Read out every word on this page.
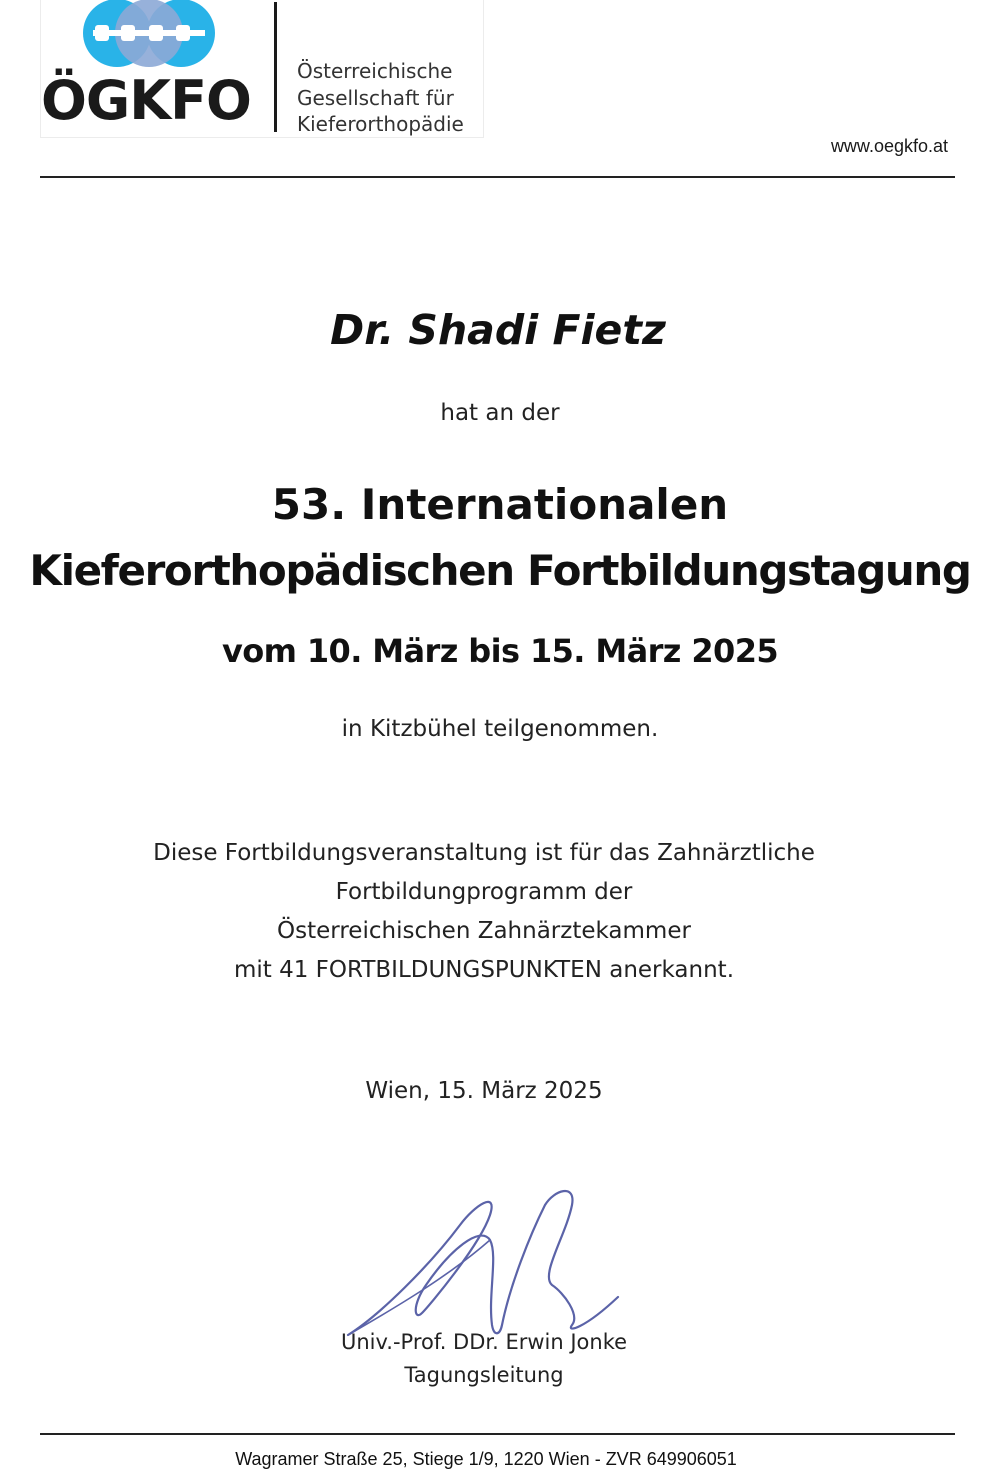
ÖGKFO	Österreichische
Gesellschaft für
Kieferorthopädie
www.oegkfo.at
Dr. Shadi Fietz
hat an der
53. Internationalen
Kieferorthopädischen Fortbildungstagung
vom 10. März bis 15. März 2025
in Kitzbühel teilgenommen.
Diese Fortbildungsveranstaltung ist für das Zahnärztliche
Fortbildungprogramm der
Österreichischen Zahnärztekammer
mit 41 FORTBILDUNGSPUNKTEN anerkannt.
Wien, 15. März 2025
Univ.-Prof. DDr. Erwin Jonke
Tagungsleitung
Wagramer Straße 25, Stiege 1/9, 1220 Wien - ZVR 649906051
